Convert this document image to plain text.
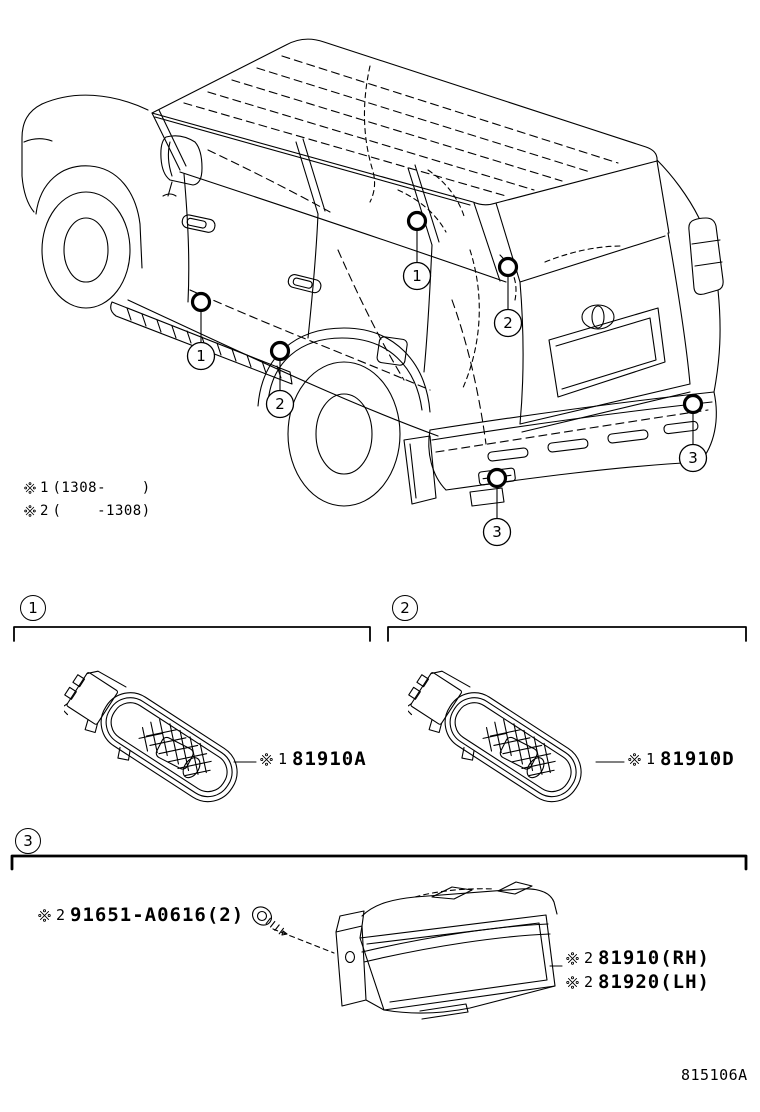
1
2
1
2
3
3
1 (1308-    )
2 (    -1308)
1	2
3
1 81910A	1 81910D
2 91651-A0616(2)
2 81910(RH)
2 81920(LH)
815106A
